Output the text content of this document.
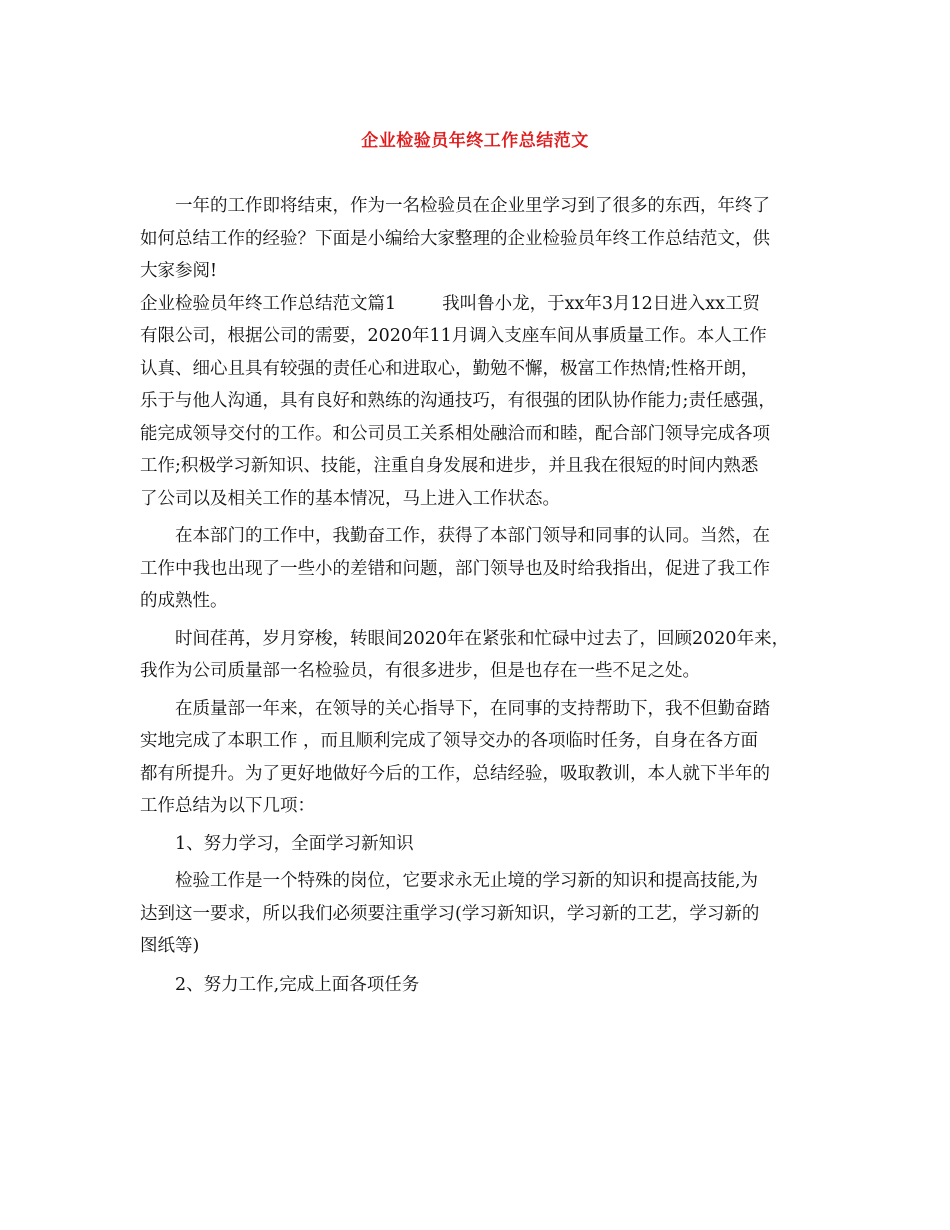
企业检验员年终工作总结范文
一年的工作即将结束，作为一名检验员在企业里学习到了很多的东西，年终了
如何总结工作的经验？下面是小编给大家整理的企业检验员年终工作总结范文，供
大家参阅!
企业检验员年终工作总结范文篇1	我叫鲁小龙，于xx年3月12日进入xx工贸
有限公司，根据公司的需要，2020年11月调入支座车间从事质量工作。本人工作
认真、细心且具有较强的责任心和进取心，勤勉不懈，极富工作热情;性格开朗，
乐于与他人沟通，具有良好和熟练的沟通技巧，有很强的团队协作能力;责任感强，
能完成领导交付的工作。和公司员工关系相处融洽而和睦，配合部门领导完成各项
工作;积极学习新知识、技能，注重自身发展和进步，并且我在很短的时间内熟悉
了公司以及相关工作的基本情况，马上进入工作状态。
在本部门的工作中，我勤奋工作，获得了本部门领导和同事的认同。当然，在
工作中我也出现了一些小的差错和问题，部门领导也及时给我指出，促进了我工作
的成熟性。
时间荏苒，岁月穿梭，转眼间2020年在紧张和忙碌中过去了，回顾2020年来，
我作为公司质量部一名检验员，有很多进步，但是也存在一些不足之处。
在质量部一年来，在领导的关心指导下，在同事的支持帮助下，我不但勤奋踏
实地完成了本职工作 ，而且顺利完成了领导交办的各项临时任务，自身在各方面
都有所提升。为了更好地做好今后的工作，总结经验，吸取教训，本人就下半年的
工作总结为以下几项：
1、努力学习，全面学习新知识
检验工作是一个特殊的岗位，它要求永无止境的学习新的知识和提高技能,为
达到这一要求，所以我们必须要注重学习(学习新知识，学习新的工艺，学习新的
图纸等)
2、努力工作,完成上面各项任务
